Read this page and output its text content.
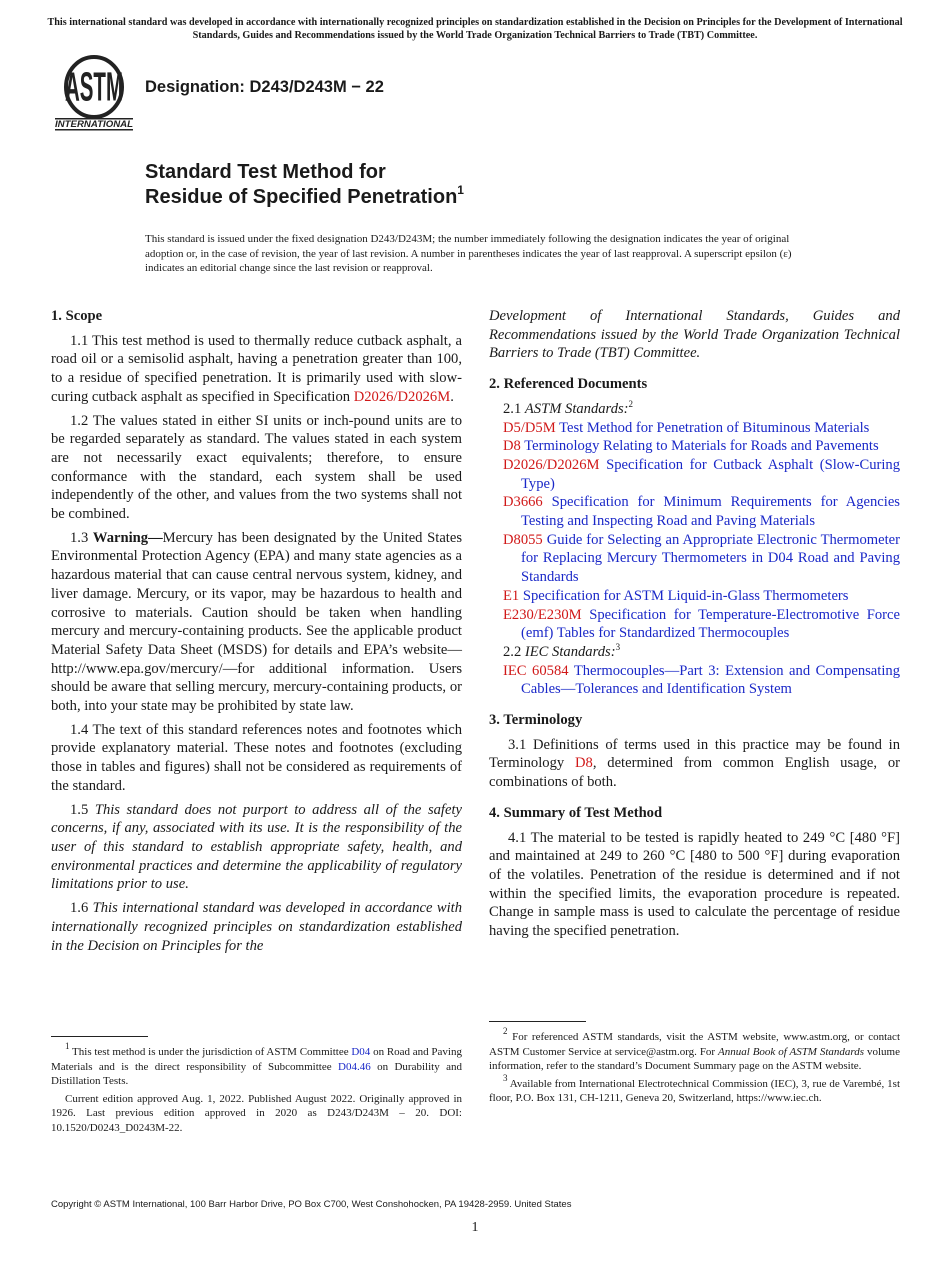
This international standard was developed in accordance with internationally recognized principles on standardization established in the Decision on Principles for the Development of International Standards, Guides and Recommendations issued by the World Trade Organization Technical Barriers to Trade (TBT) Committee.
ASTM
INTERNATIONAL
Designation: D243/D243M − 22
Standard Test Method for
Residue of Specified Penetration$^1$
This standard is issued under the fixed designation D243/D243M; the number immediately following the designation indicates the year of original adoption or, in the case of revision, the year of last revision. A number in parentheses indicates the year of last reapproval. A superscript epsilon (ε) indicates an editorial change since the last revision or reapproval.
1. Scope
1.1 This test method is used to thermally reduce cutback asphalt, a road oil or a semisolid asphalt, having a penetration greater than 100, to a residue of specified penetration. It is primarily used with slow-curing cutback asphalt as specified in Specification D2026/D2026M.
1.2 The values stated in either SI units or inch-pound units are to be regarded separately as standard. The values stated in each system are not necessarily exact equivalents; therefore, to ensure conformance with the standard, each system shall be used independently of the other, and values from the two systems shall not be combined.
1.3 Warning—Mercury has been designated by the United States Environmental Protection Agency (EPA) and many state agencies as a hazardous material that can cause central nervous system, kidney, and liver damage. Mercury, or its vapor, may be hazardous to health and corrosive to materials. Caution should be taken when handling mercury and mercury-containing products. See the applicable product Material Safety Data Sheet (MSDS) for details and EPA’s website—http://www.epa.gov/mercury/—for additional information. Users should be aware that selling mercury, mercury-containing products, or both, into your state may be prohibited by state law.
1.4 The text of this standard references notes and footnotes which provide explanatory material. These notes and footnotes (excluding those in tables and figures) shall not be considered as requirements of the standard.
1.5 This standard does not purport to address all of the safety concerns, if any, associated with its use. It is the responsibility of the user of this standard to establish appropriate safety, health, and environmental practices and determine the applicability of regulatory limitations prior to use.
1.6 This international standard was developed in accordance with internationally recognized principles on standardization established in the Decision on Principles for the
Development of International Standards, Guides and Recommendations issued by the World Trade Organization Technical Barriers to Trade (TBT) Committee.
2. Referenced Documents
2.1 ASTM Standards:$^2$
D5/D5M Test Method for Penetration of Bituminous Materials
D8 Terminology Relating to Materials for Roads and Pavements
D2026/D2026M Specification for Cutback Asphalt (Slow-Curing Type)
D3666 Specification for Minimum Requirements for Agencies Testing and Inspecting Road and Paving Materials
D8055 Guide for Selecting an Appropriate Electronic Thermometer for Replacing Mercury Thermometers in D04 Road and Paving Standards
E1 Specification for ASTM Liquid-in-Glass Thermometers
E230/E230M Specification for Temperature-Electromotive Force (emf) Tables for Standardized Thermocouples
2.2 IEC Standards:$^3$
IEC 60584 Thermocouples—Part 3: Extension and Compensating Cables—Tolerances and Identification System
3. Terminology
3.1 Definitions of terms used in this practice may be found in Terminology D8, determined from common English usage, or combinations of both.
4. Summary of Test Method
4.1 The material to be tested is rapidly heated to 249 °C [480 °F] and maintained at 249 to 260 °C [480 to 500 °F] during evaporation of the volatiles. Penetration of the residue is determined and if not within the specified limits, the evaporation procedure is repeated. Change in sample mass is used to calculate the percentage of residue having the specified penetration.

$^1$ This test method is under the jurisdiction of ASTM Committee D04 on Road and Paving Materials and is the direct responsibility of Subcommittee D04.46 on Durability and Distillation Tests.

Current edition approved Aug. 1, 2022. Published August 2022. Originally approved in 1926. Last previous edition approved in 2020 as D243/D243M – 20. DOI: 10.1520/D0243_D0243M-22.

$^2$ For referenced ASTM standards, visit the ASTM website, www.astm.org, or contact ASTM Customer Service at service@astm.org. For Annual Book of ASTM Standards volume information, refer to the standard’s Document Summary page on the ASTM website.

$^3$ Available from International Electrotechnical Commission (IEC), 3, rue de Varembé, 1st floor, P.O. Box 131, CH-1211, Geneva 20, Switzerland, https://www.iec.ch.

Copyright © ASTM International, 100 Barr Harbor Drive, PO Box C700, West Conshohocken, PA 19428-2959. United States
1
